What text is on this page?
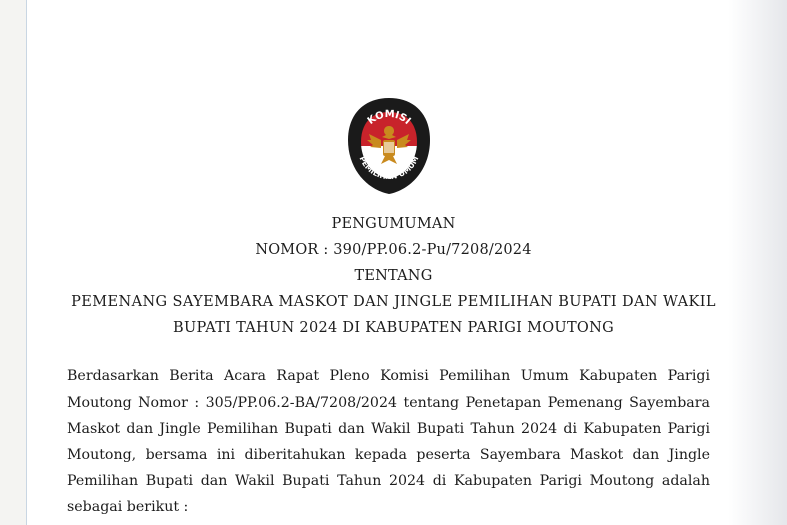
KOMISI
PEMILIHAN UMUM
PENGUMUMAN
NOMOR : 390/PP.06.2-Pu/7208/2024
TENTANG
PEMENANG SAYEMBARA MASKOT DAN JINGLE PEMILIHAN BUPATI DAN WAKIL
BUPATI TAHUN 2024 DI KABUPATEN PARIGI MOUTONG
Berdasarkan Berita Acara Rapat Pleno Komisi Pemilihan Umum Kabupaten Parigi
Moutong Nomor : 305/PP.06.2-BA/7208/2024 tentang Penetapan Pemenang Sayembara
Maskot dan Jingle Pemilihan Bupati dan Wakil Bupati Tahun 2024 di Kabupaten Parigi
Moutong, bersama ini diberitahukan kepada peserta Sayembara Maskot dan Jingle
Pemilihan Bupati dan Wakil Bupati Tahun 2024 di Kabupaten Parigi Moutong adalah
sebagai berikut :
